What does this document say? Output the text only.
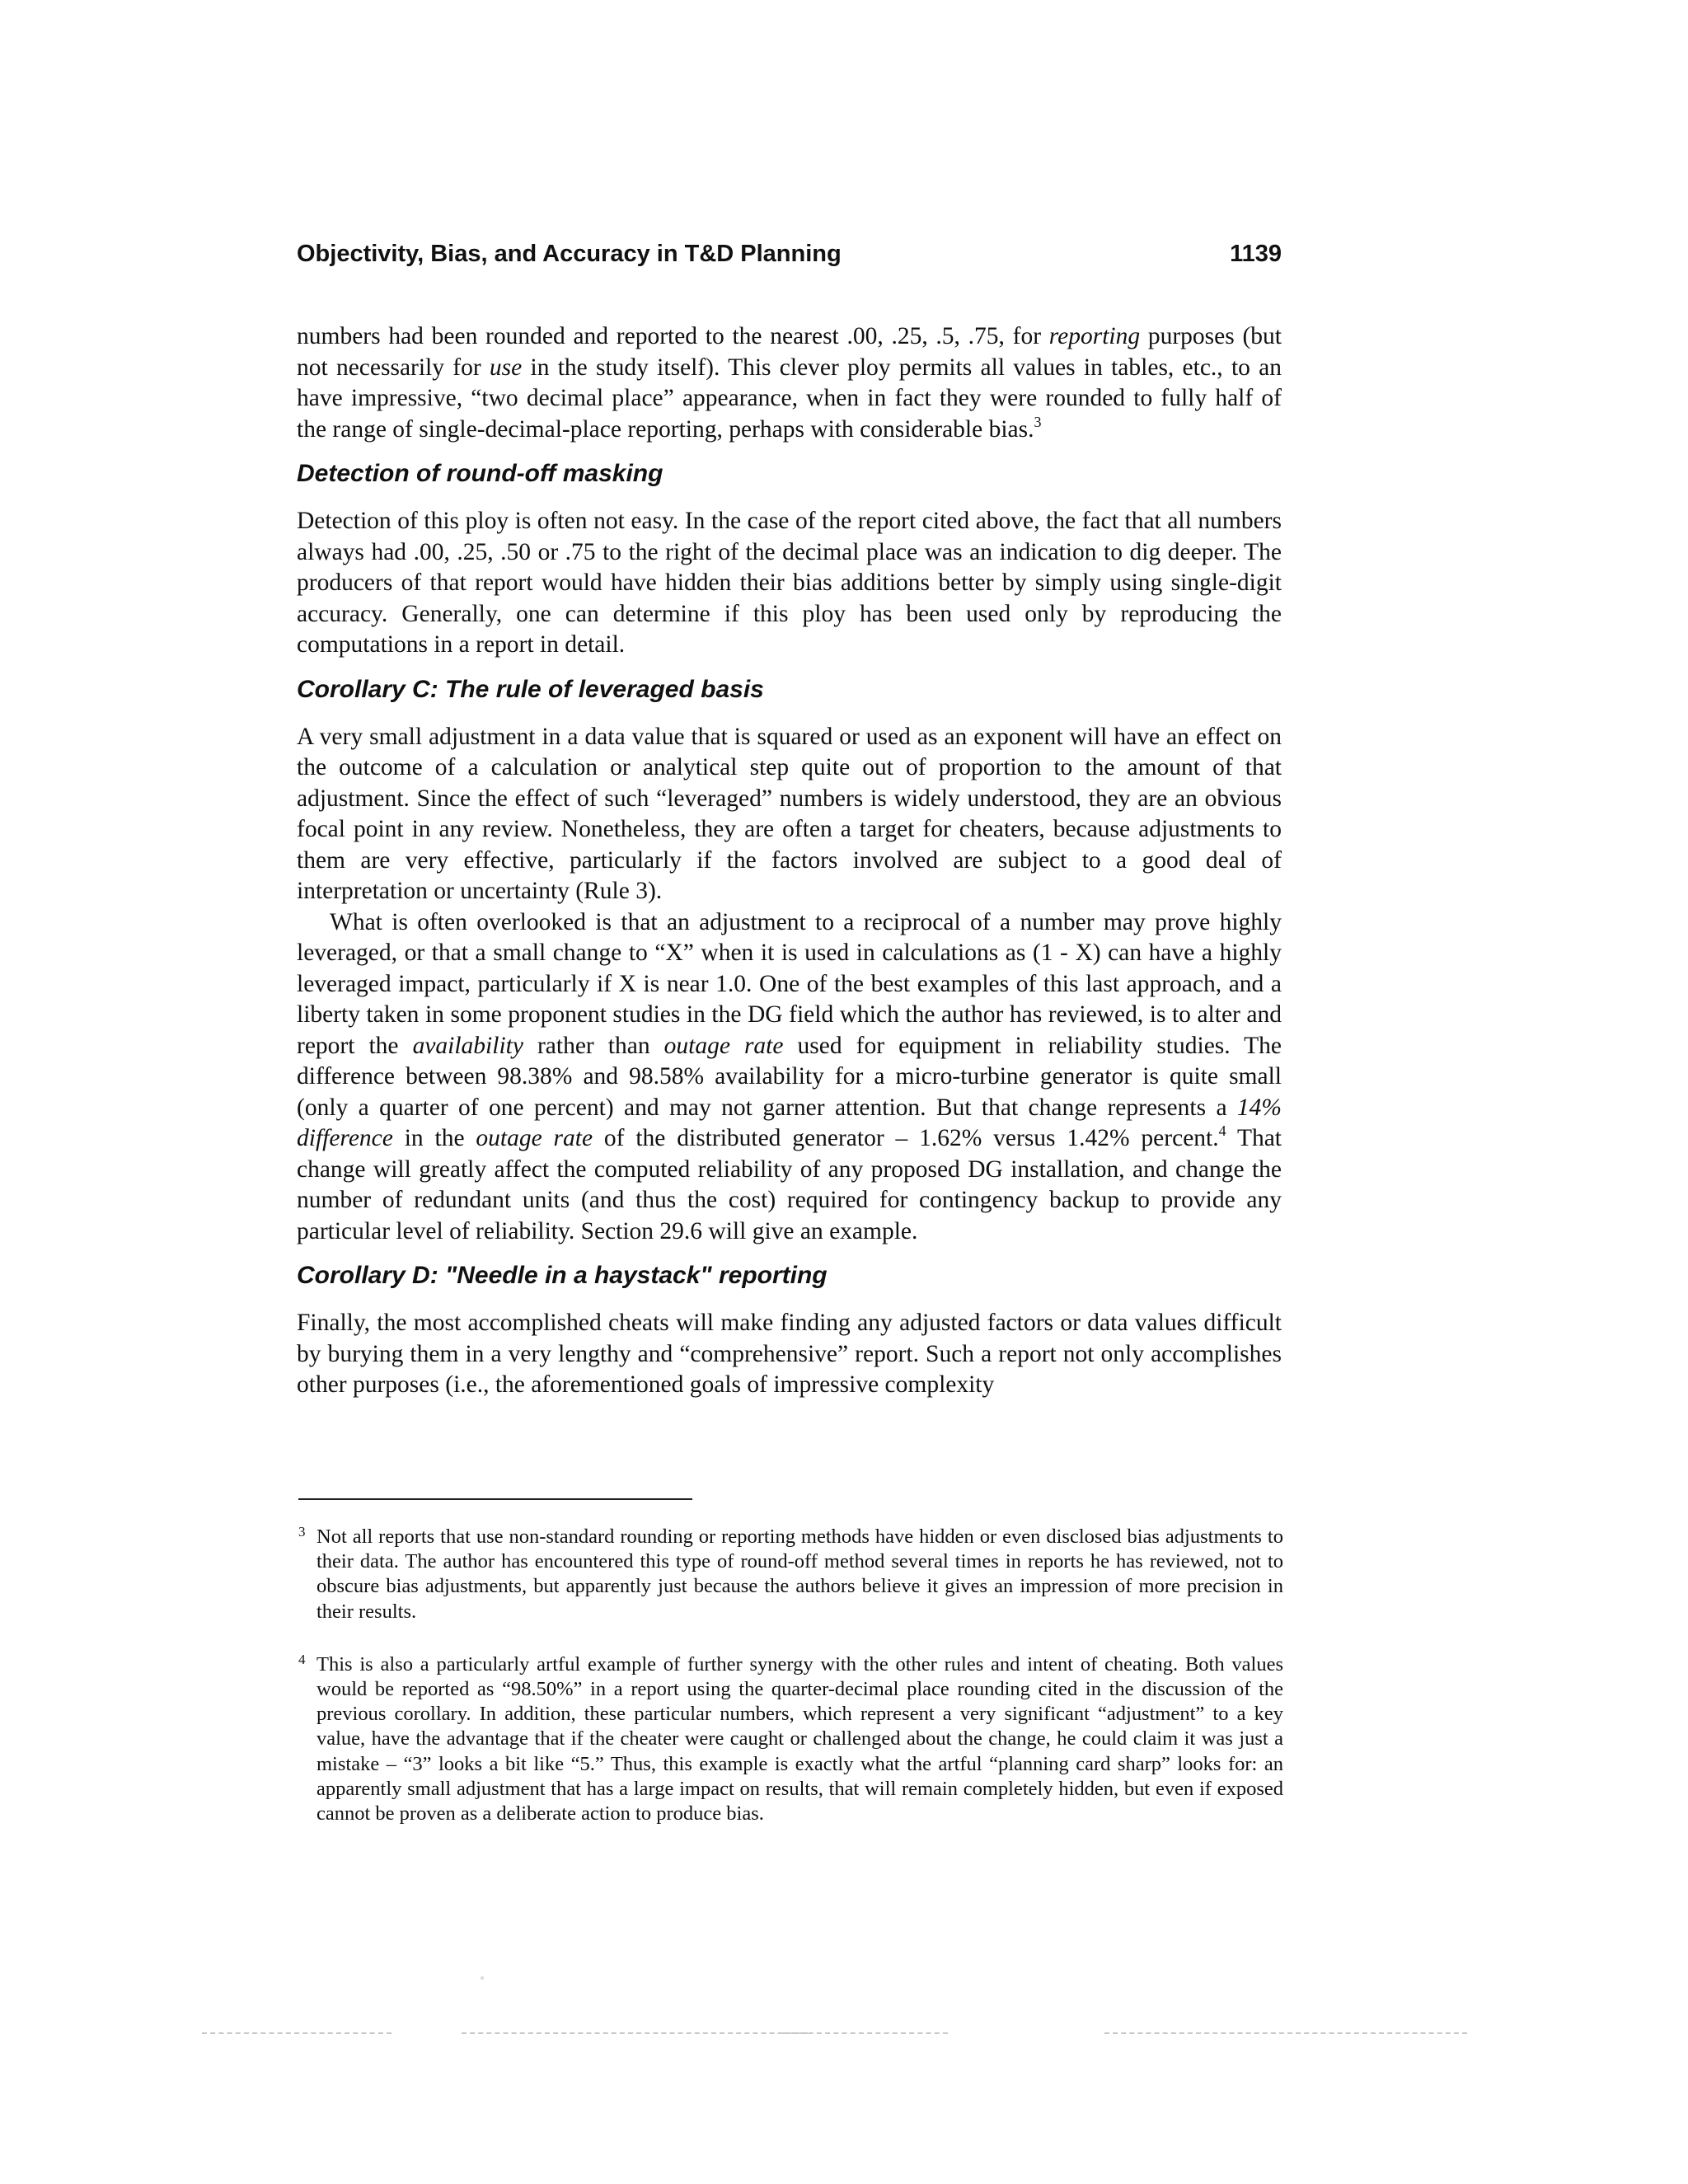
Objectivity, Bias, and Accuracy in T&D Planning	1139

numbers had been rounded and reported to the nearest .00, .25, .5, .75, for reporting purposes (but not necessarily for use in the study itself). This clever ploy permits all values in tables, etc., to an have impressive, “two decimal place” appearance, when in fact they were rounded to fully half of the range of single-decimal-place reporting, perhaps with considerable bias.$^3$

Detection of round-off masking

Detection of this ploy is often not easy. In the case of the report cited above, the fact that all numbers always had .00, .25, .50 or .75 to the right of the decimal place was an indication to dig deeper. The producers of that report would have hidden their bias additions better by simply using single-digit accuracy. Generally, one can determine if this ploy has been used only by reproducing the computations in a report in detail.

Corollary C: The rule of leveraged basis

A very small adjustment in a data value that is squared or used as an exponent will have an effect on the outcome of a calculation or analytical step quite out of proportion to the amount of that adjustment. Since the effect of such “leveraged” numbers is widely understood, they are an obvious focal point in any review. Nonetheless, they are often a target for cheaters, because adjustments to them are very effective, particularly if the factors involved are subject to a good deal of interpretation or uncertainty (Rule 3).

What is often overlooked is that an adjustment to a reciprocal of a number may prove highly leveraged, or that a small change to “X” when it is used in calculations as (1 - X) can have a highly leveraged impact, particularly if X is near 1.0. One of the best examples of this last approach, and a liberty taken in some proponent studies in the DG field which the author has reviewed, is to alter and report the availability rather than outage rate used for equipment in reliability studies. The difference between 98.38% and 98.58% availability for a micro-turbine generator is quite small (only a quarter of one percent) and may not garner attention. But that change represents a 14% difference in the outage rate of the distributed generator – 1.62% versus 1.42% percent.$^4$ That change will greatly affect the computed reliability of any proposed DG installation, and change the number of redundant units (and thus the cost) required for contingency backup to provide any particular level of reliability. Section 29.6 will give an example.

Corollary D: "Needle in a haystack" reporting

Finally, the most accomplished cheats will make finding any adjusted factors or data values difficult by burying them in a very lengthy and “comprehensive” report. Such a report not only accomplishes other purposes (i.e., the aforementioned goals of impressive complexity

3 Not all reports that use non-standard rounding or reporting methods have hidden or even disclosed bias adjustments to their data. The author has encountered this type of round-off method several times in reports he has reviewed, not to obscure bias adjustments, but apparently just because the authors believe it gives an impression of more precision in their results.
4 This is also a particularly artful example of further synergy with the other rules and intent of cheating. Both values would be reported as “98.50%” in a report using the quarter-decimal place rounding cited in the discussion of the previous corollary. In addition, these particular numbers, which represent a very significant “adjustment” to a key value, have the advantage that if the cheater were caught or challenged about the change, he could claim it was just a mistake – “3” looks a bit like “5.” Thus, this example is exactly what the artful “planning card sharp” looks for: an apparently small adjustment that has a large impact on results, that will remain completely hidden, but even if exposed cannot be proven as a deliberate action to produce bias.
